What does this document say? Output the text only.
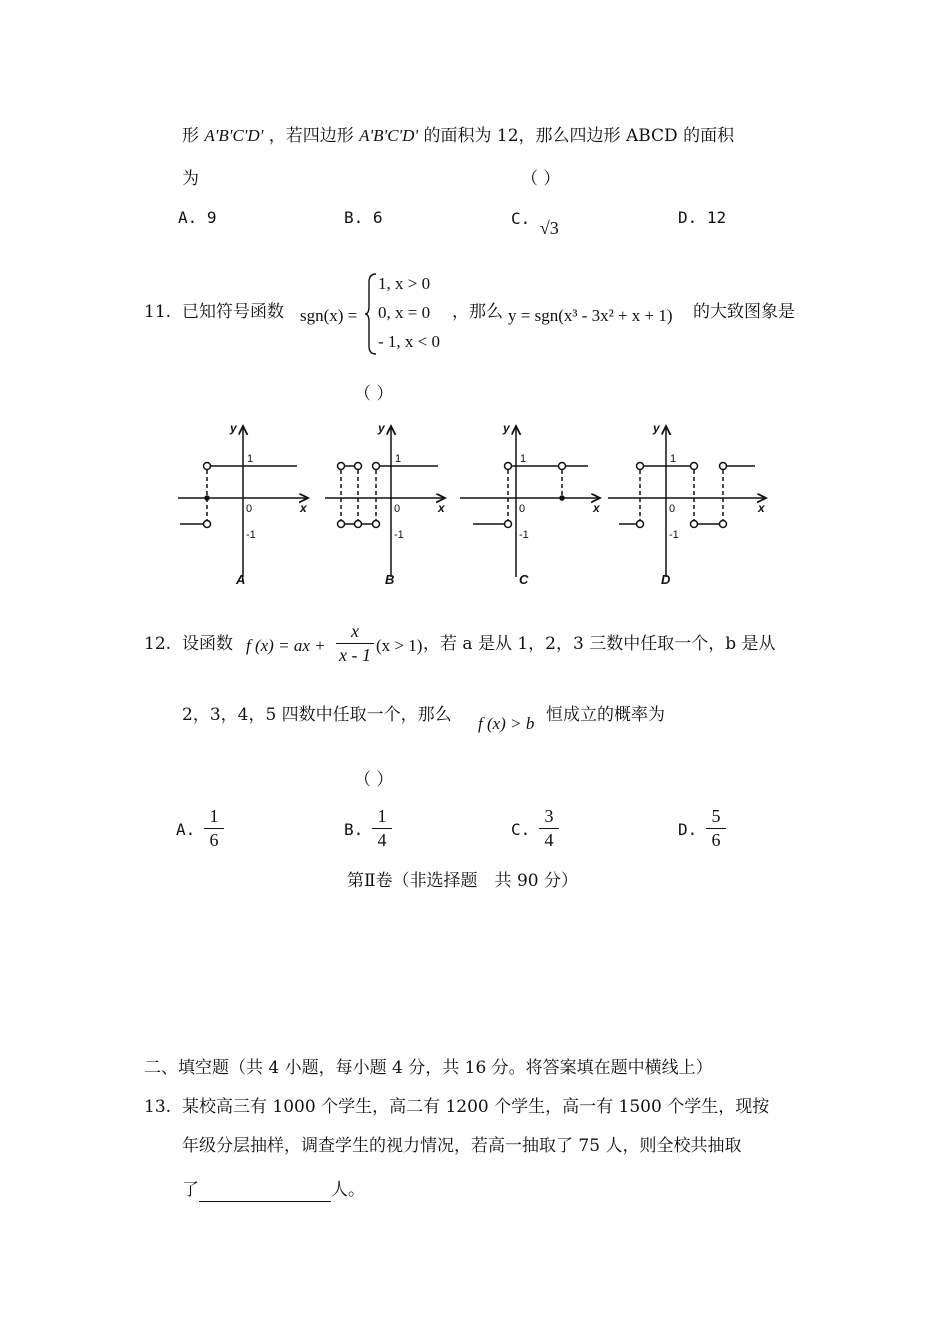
形 A'B'C'D' ，若四边形 A'B'C'D' 的面积为 12，那么四边形 ABCD 的面积
为	（ ）
A. 9	B. 6	C. √3
D. 12
11. 已知符号函数 sgn(x) =
1, x > 0
0, x = 0
- 1, x < 0
，那么 y = sgn(x³ - 3x² + x + 1) 的大致图象是
（ ）
y
x
y
x
y
x
y
x
1
0
-1
1
0
-1
1
0
-1
1
0
-1
A	B	C	D
12. 设函数 f (x) = ax +
x
x - 1 (x > 1) ，若 a 是从 1，2，3 三数中任取一个，b 是从
2，3，4，5 四数中任取一个，那么 f (x) > b 恒成立的概率为
（ ）
A.
1
6
B.
1
4
C.
3
4
D.
5
6
第Ⅱ卷（非选择题　共 90 分）
二、填空题（共 4 小题，每小题 4 分，共 16 分。将答案填在题中横线上）
13. 某校高三有 1000 个学生，高二有 1200 个学生，高一有 1500 个学生，现按
年级分层抽样，调查学生的视力情况，若高一抽取了 75 人，则全校共抽取
了	人。
